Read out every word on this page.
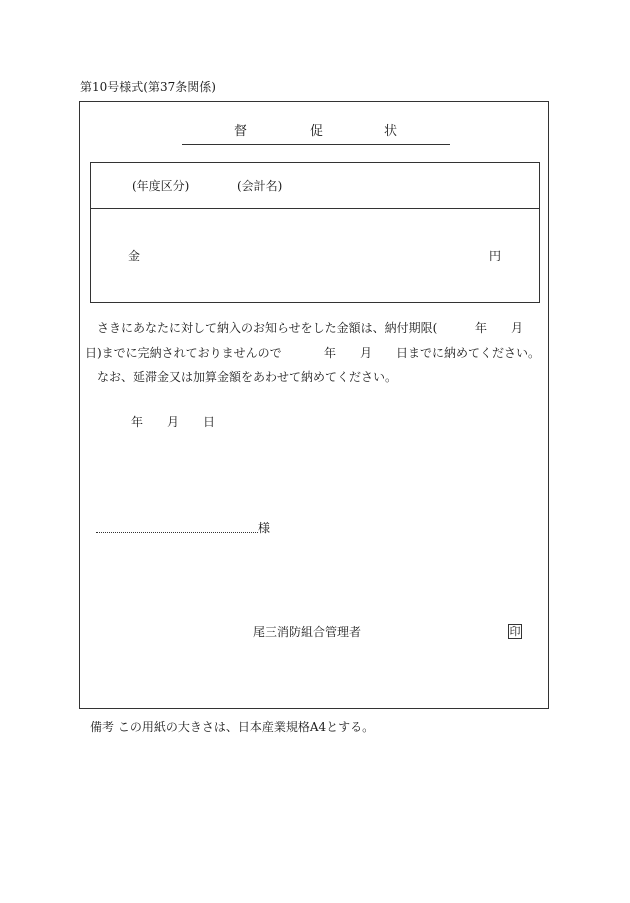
第10号様式(第37条関係)
督	促	状
(年度区分)	(会計名)
金	円
さきにあなたに対して納入のお知らせをした金額は、納付期限(	年 月
日)までに完納されておりませんので	年 月 日までに納めてください。
なお、延滞金又は加算金額をあわせて納めてください。
年 月 日
様
尾三消防組合管理者	印
備考 この用紙の大きさは、日本産業規格A4とする。
